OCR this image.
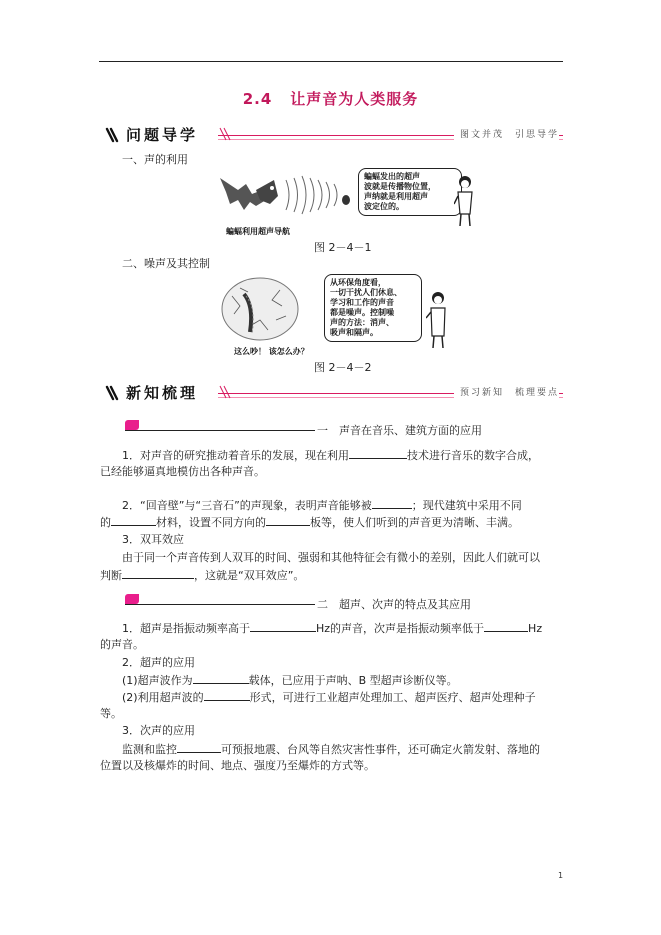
2.4 让声音为人类服务
问题导学	图文并茂　引思导学
一、声的利用
蝙蝠利用超声导航
蝙蝠发出的超声
波就是传播物位置，
声纳就是利用超声
波定位的。
图 2－4－1
二、噪声及其控制
这么吵！ 该怎么办？
从环保角度看，
一切干扰人们休息、
学习和工作的声音
都是噪声。控制噪
声的方法：消声、
吸声和隔声。
图 2－4－2
新知梳理	预习新知　梳理要点
一　声音在音乐、建筑方面的应用
1．对声音的研究推动着音乐的发展，现在利用	技术进行音乐的数字合成，
已经能够逼真地模仿出各种声音。
2．“回音壁”与“三音石”的声现象，表明声音能够被	；现代建筑中采用不同
的	材料，设置不同方向的	板等，使人们听到的声音更为清晰、丰满。
3．双耳效应
由于同一个声音传到人双耳的时间、强弱和其他特征会有微小的差别，因此人们就可以
判断	，这就是“双耳效应”。
二　超声、次声的特点及其应用
1．超声是指振动频率高于	Hz的声音，次声是指振动频率低于	Hz
的声音。
2．超声的应用
(1)超声波作为	载体，已应用于声呐、B 型超声诊断仪等。
(2)利用超声波的	形式，可进行工业超声处理加工、超声医疗、超声处理种子
等。
3．次声的应用
监测和监控	可预报地震、台风等自然灾害性事件，还可确定火箭发射、落地的
位置以及核爆炸的时间、地点、强度乃至爆炸的方式等。
1
